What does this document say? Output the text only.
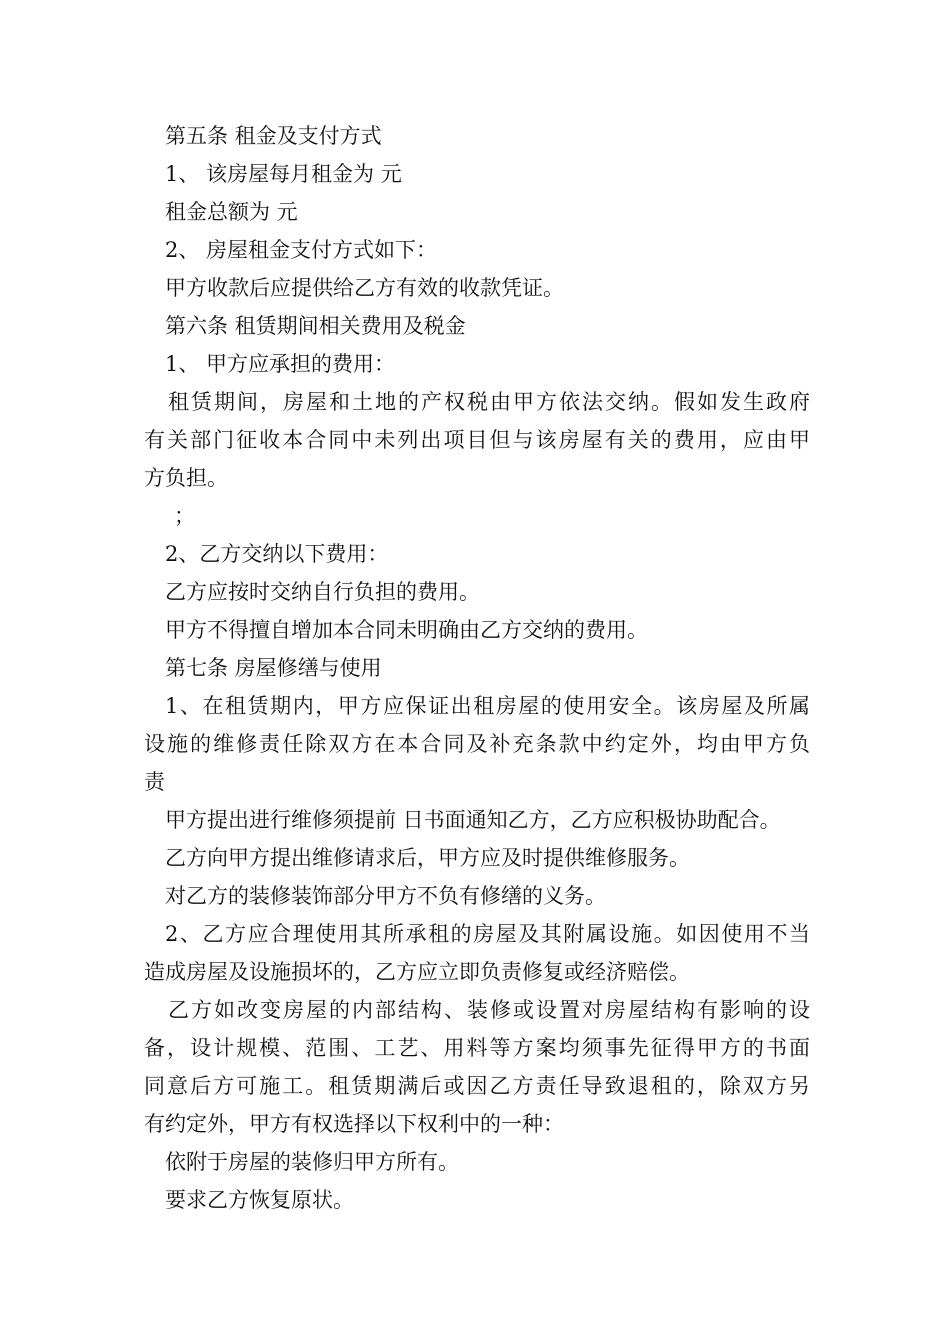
第五条 租金及支付方式
1、 该房屋每月租金为 元
租金总额为 元
2、 房屋租金支付方式如下：
甲方收款后应提供给乙方有效的收款凭证。
第六条 租赁期间相关费用及税金
1、 甲方应承担的费用：
租赁期间，房屋和土地的产权税由甲方依法交纳。假如发生政府
有关部门征收本合同中未列出项目但与该房屋有关的费用，应由甲
方负担。
；
2、乙方交纳以下费用：
乙方应按时交纳自行负担的费用。
甲方不得擅自增加本合同未明确由乙方交纳的费用。
第七条 房屋修缮与使用
1、在租赁期内，甲方应保证出租房屋的使用安全。该房屋及所属
设施的维修责任除双方在本合同及补充条款中约定外，均由甲方负
责
甲方提出进行维修须提前 日书面通知乙方，乙方应积极协助配合。
乙方向甲方提出维修请求后，甲方应及时提供维修服务。
对乙方的装修装饰部分甲方不负有修缮的义务。
2、乙方应合理使用其所承租的房屋及其附属设施。如因使用不当
造成房屋及设施损坏的，乙方应立即负责修复或经济赔偿。
乙方如改变房屋的内部结构、装修或设置对房屋结构有影响的设
备，设计规模、范围、工艺、用料等方案均须事先征得甲方的书面
同意后方可施工。租赁期满后或因乙方责任导致退租的，除双方另
有约定外，甲方有权选择以下权利中的一种：
依附于房屋的装修归甲方所有。
要求乙方恢复原状。
